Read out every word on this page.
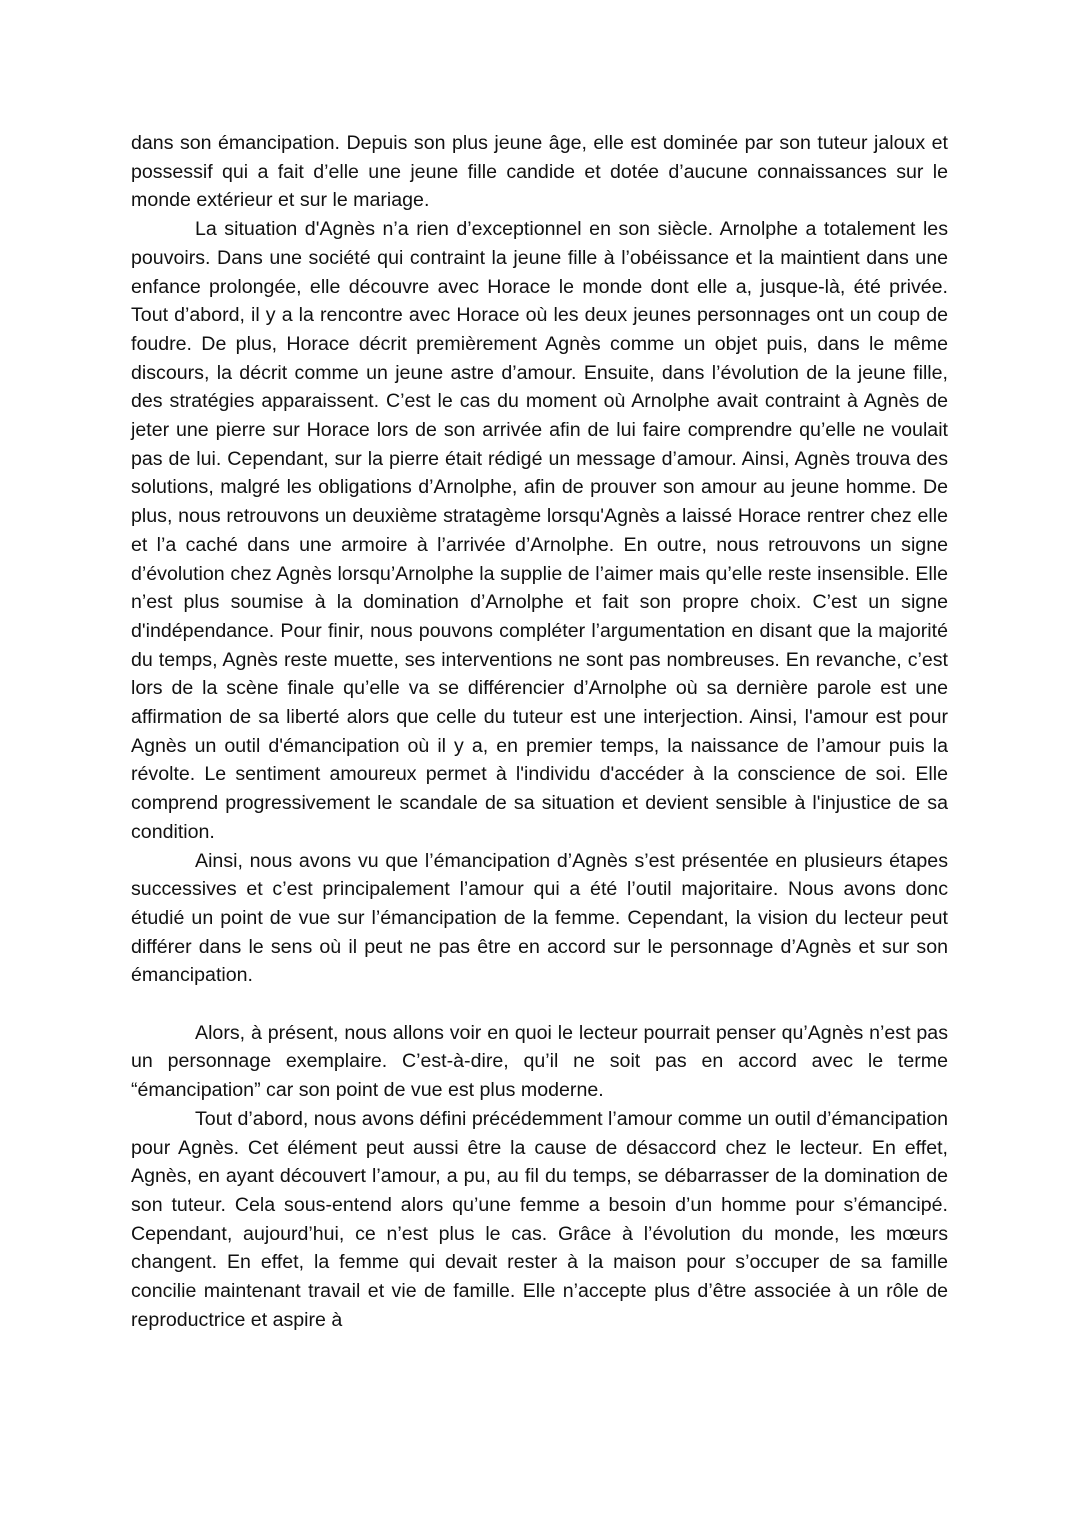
dans son émancipation. Depuis son plus jeune âge, elle est dominée par son tuteur jaloux et possessif qui a fait d’elle une jeune fille candide et dotée d’aucune connaissances sur le monde extérieur et sur le mariage.

La situation d'Agnès n’a rien d’exceptionnel en son siècle. Arnolphe a totalement les pouvoirs. Dans une société qui contraint la jeune fille à l’obéissance et la maintient dans une enfance prolongée, elle découvre avec Horace le monde dont elle a, jusque-là, été privée. Tout d’abord, il y a la rencontre avec Horace où les deux jeunes personnages ont un coup de foudre. De plus, Horace décrit premièrement Agnès comme un objet puis, dans le même discours, la décrit comme un jeune astre d’amour. Ensuite, dans l’évolution de la jeune fille, des stratégies apparaissent. C’est le cas du moment où Arnolphe avait contraint à Agnès de jeter une pierre sur Horace lors de son arrivée afin de lui faire comprendre qu’elle ne voulait pas de lui. Cependant, sur la pierre était rédigé un message d’amour. Ainsi, Agnès trouva des solutions, malgré les obligations d’Arnolphe, afin de prouver son amour au jeune homme. De plus, nous retrouvons un deuxième stratagème lorsqu'Agnès a laissé Horace rentrer chez elle et l’a caché dans une armoire à l’arrivée d’Arnolphe. En outre, nous retrouvons un signe d’évolution chez Agnès lorsqu’Arnolphe la supplie de l’aimer mais qu’elle reste insensible. Elle n’est plus soumise à la domination d’Arnolphe et fait son propre choix. C’est un signe d'indépendance. Pour finir, nous pouvons compléter l’argumentation en disant que la majorité du temps, Agnès reste muette, ses interventions ne sont pas nombreuses. En revanche, c’est lors de la scène finale qu’elle va se différencier d’Arnolphe où sa dernière parole est une affirmation de sa liberté alors que celle du tuteur est une interjection. Ainsi, l'amour est pour Agnès un outil d'émancipation où il y a, en premier temps, la naissance de l’amour puis la révolte. Le sentiment amoureux permet à l'individu d'accéder à la conscience de soi. Elle comprend progressivement le scandale de sa situation et devient sensible à l'injustice de sa condition.

Ainsi, nous avons vu que l’émancipation d’Agnès s’est présentée en plusieurs étapes successives et c’est principalement l’amour qui a été l’outil majoritaire. Nous avons donc étudié un point de vue sur l’émancipation de la femme. Cependant, la vision du lecteur peut différer dans le sens où il peut ne pas être en accord sur le personnage d’Agnès et sur son émancipation.

Alors, à présent, nous allons voir en quoi le lecteur pourrait penser qu’Agnès n’est pas un personnage exemplaire. C’est-à-dire, qu’il ne soit pas en accord avec le terme “émancipation” car son point de vue est plus moderne.

Tout d’abord, nous avons défini précédemment l’amour comme un outil d’émancipation pour Agnès. Cet élément peut aussi être la cause de désaccord chez le lecteur. En effet, Agnès, en ayant découvert l’amour, a pu, au fil du temps, se débarrasser de la domination de son tuteur. Cela sous-entend alors qu’une femme a besoin d’un homme pour s’émancipé. Cependant, aujourd’hui, ce n’est plus le cas. Grâce à l’évolution du monde, les mœurs changent. En effet, la femme qui devait rester à la maison pour s’occuper de sa famille concilie maintenant travail et vie de famille. Elle n’accepte plus d’être associée à un rôle de reproductrice et aspire à
